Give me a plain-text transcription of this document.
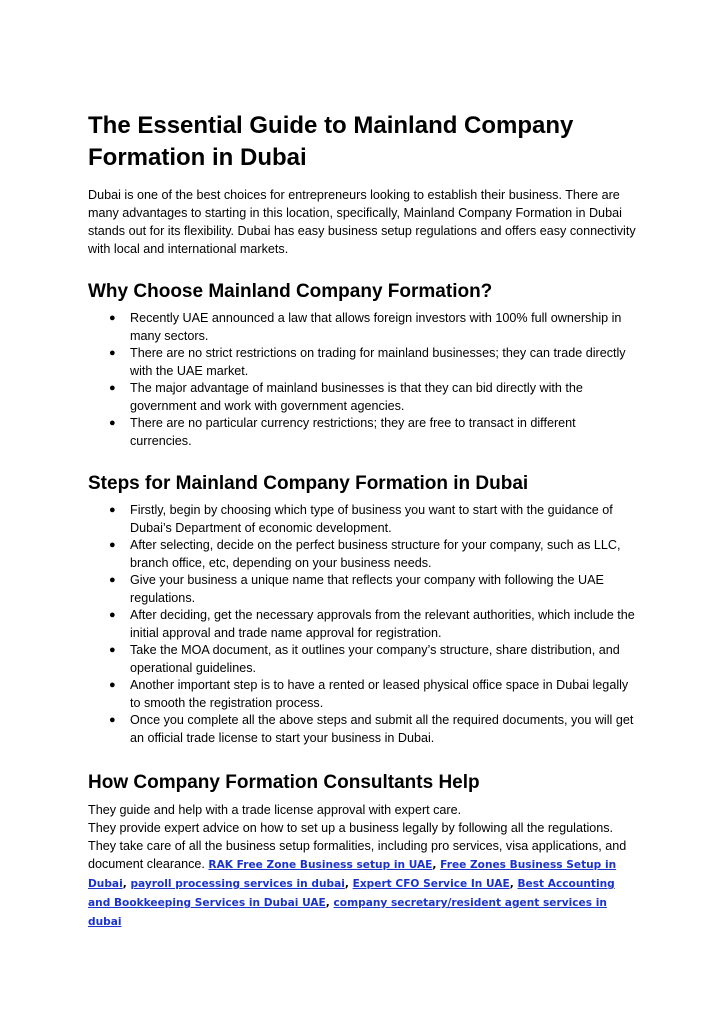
The Essential Guide to Mainland Company Formation in Dubai

Dubai is one of the best choices for entrepreneurs looking to establish their business. There are many advantages to starting in this location, specifically, Mainland Company Formation in Dubai stands out for its flexibility. Dubai has easy business setup regulations and offers easy connectivity with local and international markets.

Why Choose Mainland Company Formation?
● Recently UAE announced a law that allows foreign investors with 100% full ownership in many sectors.
● There are no strict restrictions on trading for mainland businesses; they can trade directly with the UAE market.
● The major advantage of mainland businesses is that they can bid directly with the government and work with government agencies.
● There are no particular currency restrictions; they are free to transact in different currencies.
Steps for Mainland Company Formation in Dubai
● Firstly, begin by choosing which type of business you want to start with the guidance of Dubai’s Department of economic development.
● After selecting, decide on the perfect business structure for your company, such as LLC, branch office, etc, depending on your business needs.
● Give your business a unique name that reflects your company with following the UAE regulations.
● After deciding, get the necessary approvals from the relevant authorities, which include the initial approval and trade name approval for registration.
● Take the MOA document, as it outlines your company’s structure, share distribution, and operational guidelines.
● Another important step is to have a rented or leased physical office space in Dubai legally to smooth the registration process.
● Once you complete all the above steps and submit all the required documents, you will get an official trade license to start your business in Dubai.
How Company Formation Consultants Help

They guide and help with a trade license approval with expert care.

They provide expert advice on how to set up a business legally by following all the regulations.

They take care of all the business setup formalities, including pro services, visa applications, and document clearance. RAK Free Zone Business setup in UAE, Free Zones Business Setup in Dubai, payroll processing services in dubai, Expert CFO Service In UAE, Best Accounting and Bookkeeping Services in Dubai UAE, company secretary/resident agent services in dubai
